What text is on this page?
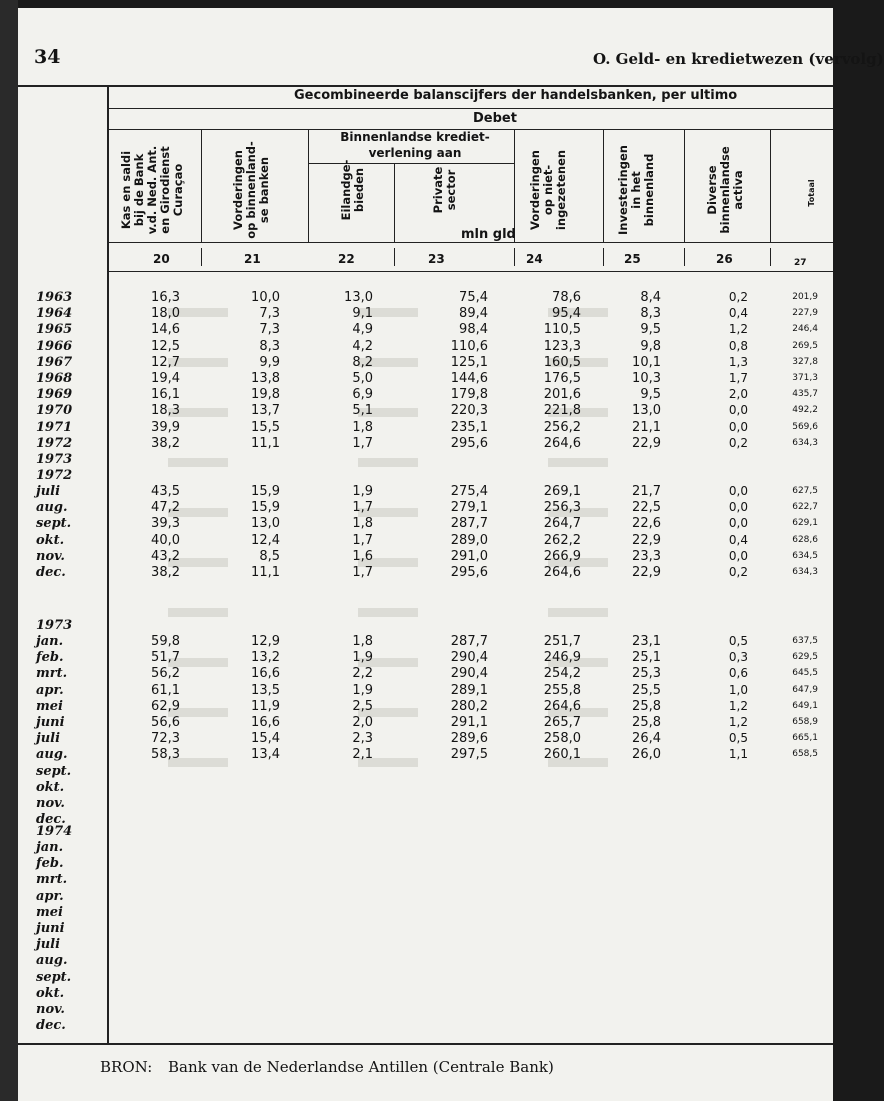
34	O. Geld- en kredietwezen (vervolg)
Gecombineerde balanscijfers der handelsbanken, per ultimo
Debet
Binnenlandse krediet-
verlening aan
mln gld
Kas en saldi
bij de Bank
v.d. Ned. Ant.
en Girodienst
Curaçao	Vorderingen
op binnenland-
se banken	Eilandge-
bieden	Private
sector	Vorderingen
op niet-
ingezetenen	Investeringen
in het
binnenland	Diverse
binnenlandse
activa	Totaal
20	21	22	23	24	25	26	27
1963	16,3	10,0	13,0	75,4	78,6	8,4	0,2	201,9
1964	18,0	7,3	9,1	89,4	95,4	8,3	0,4	227,9
1965	14,6	7,3	4,9	98,4	110,5	9,5	1,2	246,4
1966	12,5	8,3	4,2	110,6	123,3	9,8	0,8	269,5
1967	12,7	9,9	8,2	125,1	160,5	10,1	1,3	327,8
1968	19,4	13,8	5,0	144,6	176,5	10,3	1,7	371,3
1969	16,1	19,8	6,9	179,8	201,6	9,5	2,0	435,7
1970	18,3	13,7	5,1	220,3	221,8	13,0	0,0	492,2
1971	39,9	15,5	1,8	235,1	256,2	21,1	0,0	569,6
1972	38,2	11,1	1,7	295,6	264,6	22,9	0,2	634,3
1973
1972
juli	43,5	15,9	1,9	275,4	269,1	21,7	0,0	627,5
aug.	47,2	15,9	1,7	279,1	256,3	22,5	0,0	622,7
sept.	39,3	13,0	1,8	287,7	264,7	22,6	0,0	629,1
okt.	40,0	12,4	1,7	289,0	262,2	22,9	0,4	628,6
nov.	43,2	8,5	1,6	291,0	266,9	23,3	0,0	634,5
dec.	38,2	11,1	1,7	295,6	264,6	22,9	0,2	634,3
1973
jan.	59,8	12,9	1,8	287,7	251,7	23,1	0,5	637,5
feb.	51,7	13,2	1,9	290,4	246,9	25,1	0,3	629,5
mrt.	56,2	16,6	2,2	290,4	254,2	25,3	0,6	645,5
apr.	61,1	13,5	1,9	289,1	255,8	25,5	1,0	647,9
mei	62,9	11,9	2,5	280,2	264,6	25,8	1,2	649,1
juni	56,6	16,6	2,0	291,1	265,7	25,8	1,2	658,9
juli	72,3	15,4	2,3	289,6	258,0	26,4	0,5	665,1
aug.	58,3	13,4	2,1	297,5	260,1	26,0	1,1	658,5
sept.
okt.
nov.
dec.
1974
jan.
feb.
mrt.
apr.
mei
juni
juli
aug.
sept.
okt.
nov.
dec.
BRON: Bank van de Nederlandse Antillen (Centrale Bank)
